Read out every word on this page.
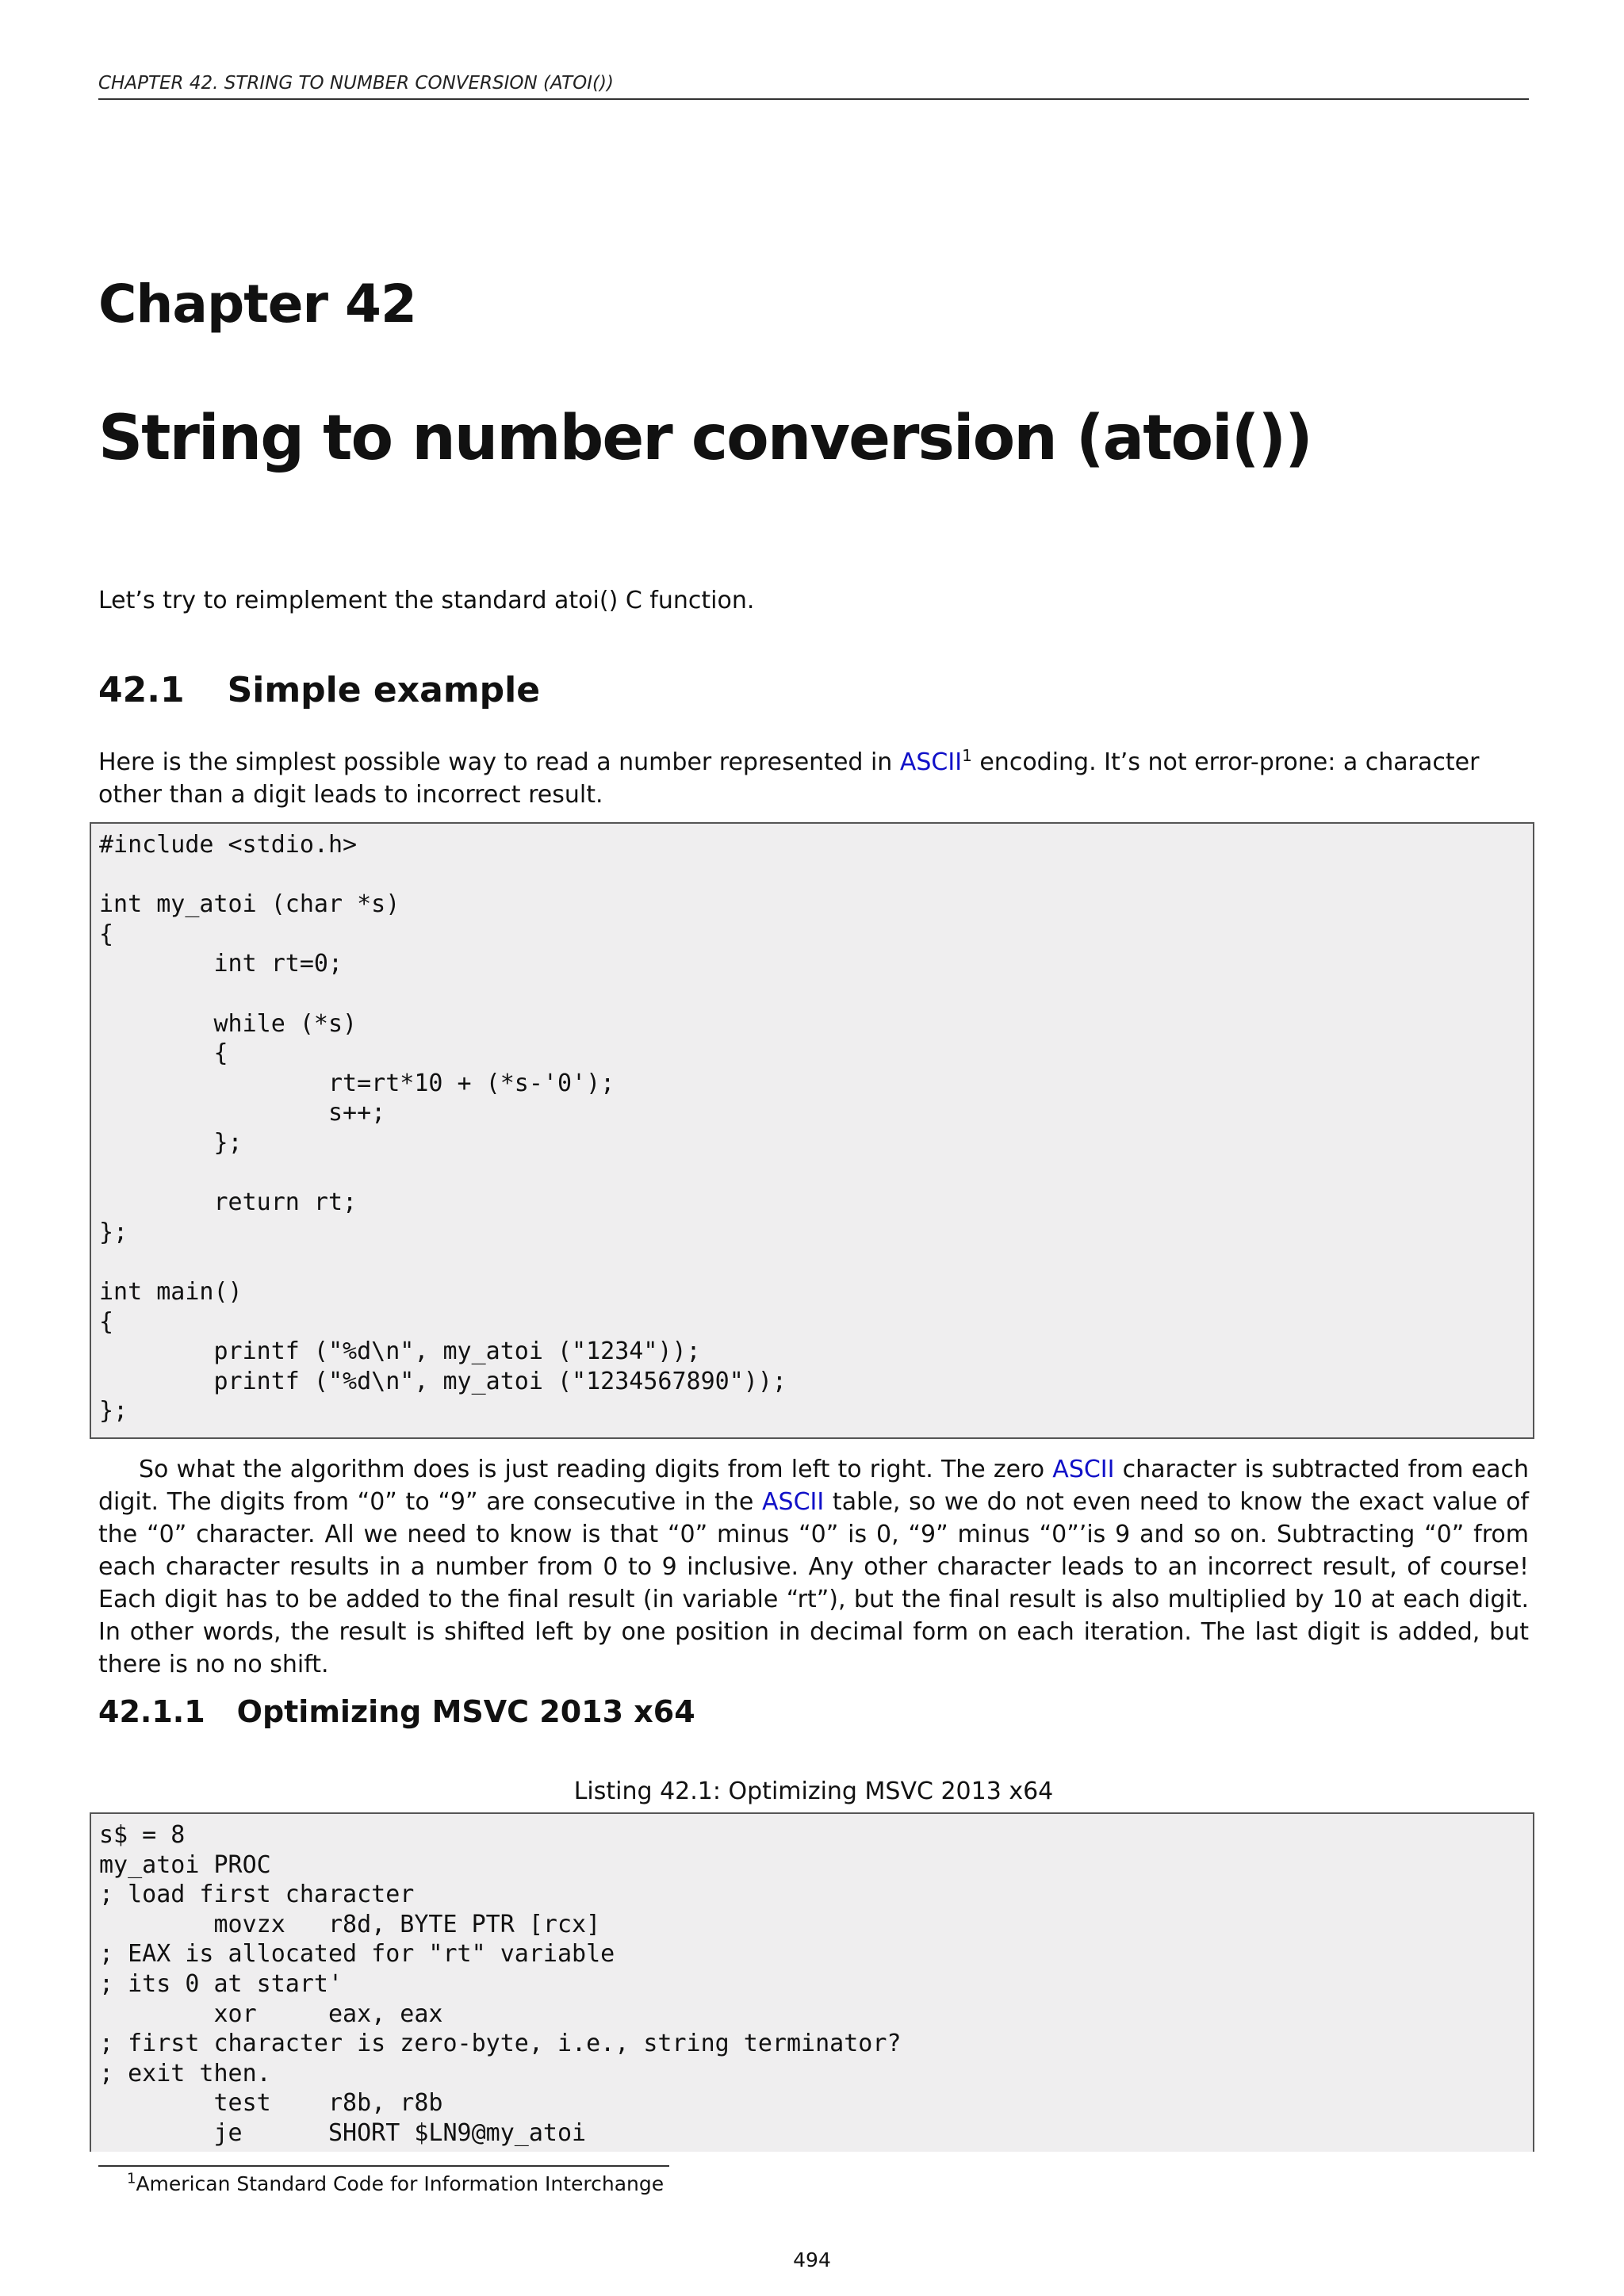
CHAPTER 42. STRING TO NUMBER CONVERSION (ATOI())
Chapter 42
String to number conversion (atoi())
Let’s try to reimplement the standard atoi() C function.
42.1 Simple example
Here is the simplest possible way to read a number represented in ASCII$^1$ encoding. It’s not error-prone: a character other than a digit leads to incorrect result.
#include <stdio.h>

int my_atoi (char *s)
{
int rt=0;

while (*s)
{
rt=rt*10 + (*s-'0');
s++;
};

return rt;
};

int main()
{
printf ("%d\n", my_atoi ("1234"));
printf ("%d\n", my_atoi ("1234567890"));
};
So what the algorithm does is just reading digits from left to right. The zero ASCII character is subtracted from each digit. The digits from “0” to “9” are consecutive in the ASCII table, so we do not even need to know the exact value of the “0” character. All we need to know is that “0” minus “0” is 0, “9” minus “0”’is 9 and so on. Subtracting “0” from each character results in a number from 0 to 9 inclusive. Any other character leads to an incorrect result, of course! Each digit has to be added to the final result (in variable “rt”), but the final result is also multiplied by 10 at each digit. In other words, the result is shifted left by one position in decimal form on each iteration. The last digit is added, but there is no no shift.
42.1.1 Optimizing MSVC 2013 x64
Listing 42.1: Optimizing MSVC 2013 x64
s$ = 8
my_atoi PROC
; load first character
movzx   r8d, BYTE PTR [rcx]
; EAX is allocated for "rt" variable
; its 0 at start'
xor     eax, eax
; first character is zero-byte, i.e., string terminator?
; exit then.
test    r8b, r8b
je      SHORT $LN9@my_atoi
$^1$American Standard Code for Information Interchange
494
